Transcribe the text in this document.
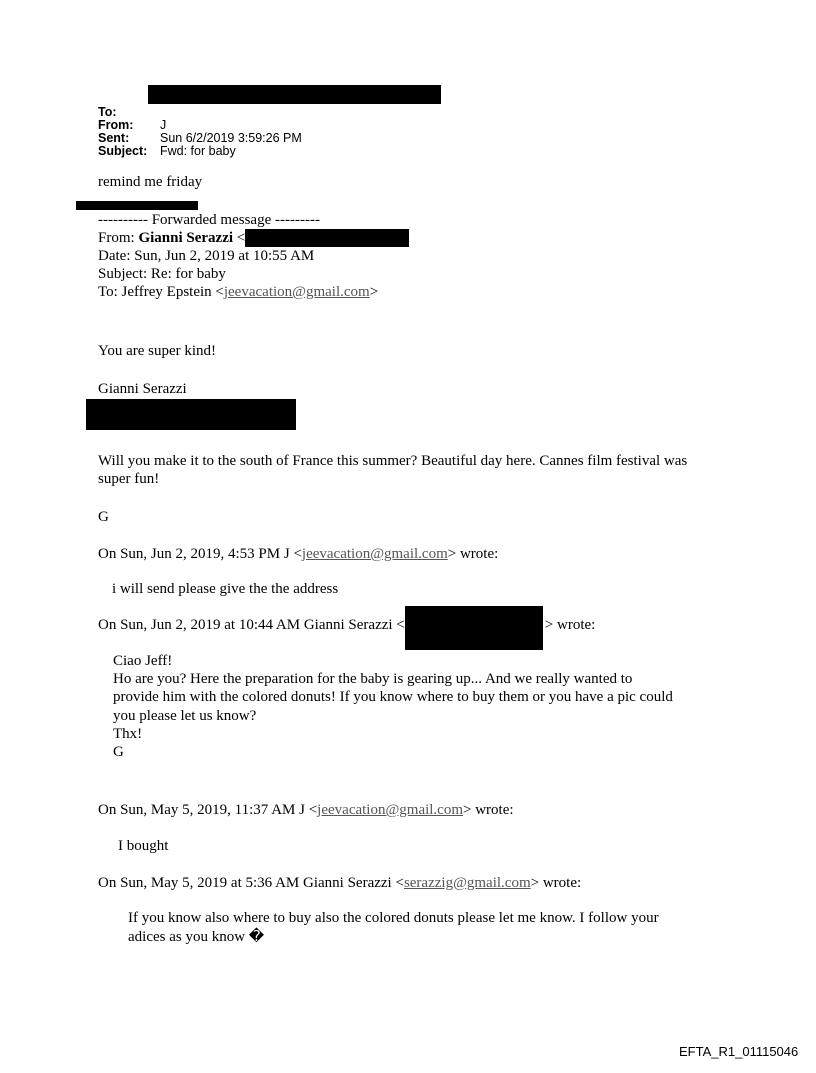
To:
From: J
Sent: Sun 6/2/2019 3:59:26 PM
Subject: Fwd: for baby
remind me friday
---------- Forwarded message ---------
From: Gianni Serazzi <
Date: Sun, Jun 2, 2019 at 10:55 AM
Subject: Re: for baby
To: Jeffrey Epstein <jeevacation@gmail.com>
You are super kind!
Gianni Serazzi
Will you make it to the south of France this summer? Beautiful day here. Cannes film festival was
super fun!
G
On Sun, Jun 2, 2019, 4:53 PM J <jeevacation@gmail.com> wrote:
i will send please give the the address
On Sun, Jun 2, 2019 at 10:44 AM Gianni Serazzi <	> wrote:
Ciao Jeff!
Ho are you? Here the preparation for the baby is gearing up... And we really wanted to
provide him with the colored donuts! If you know where to buy them or you have a pic could
you please let us know?
Thx!
G
On Sun, May 5, 2019, 11:37 AM J <jeevacation@gmail.com> wrote:
I bought
On Sun, May 5, 2019 at 5:36 AM Gianni Serazzi <serazzig@gmail.com> wrote:
If you know also where to buy also the colored donuts please let me know. I follow your
adices as you know �
EFTA_R1_01115046
